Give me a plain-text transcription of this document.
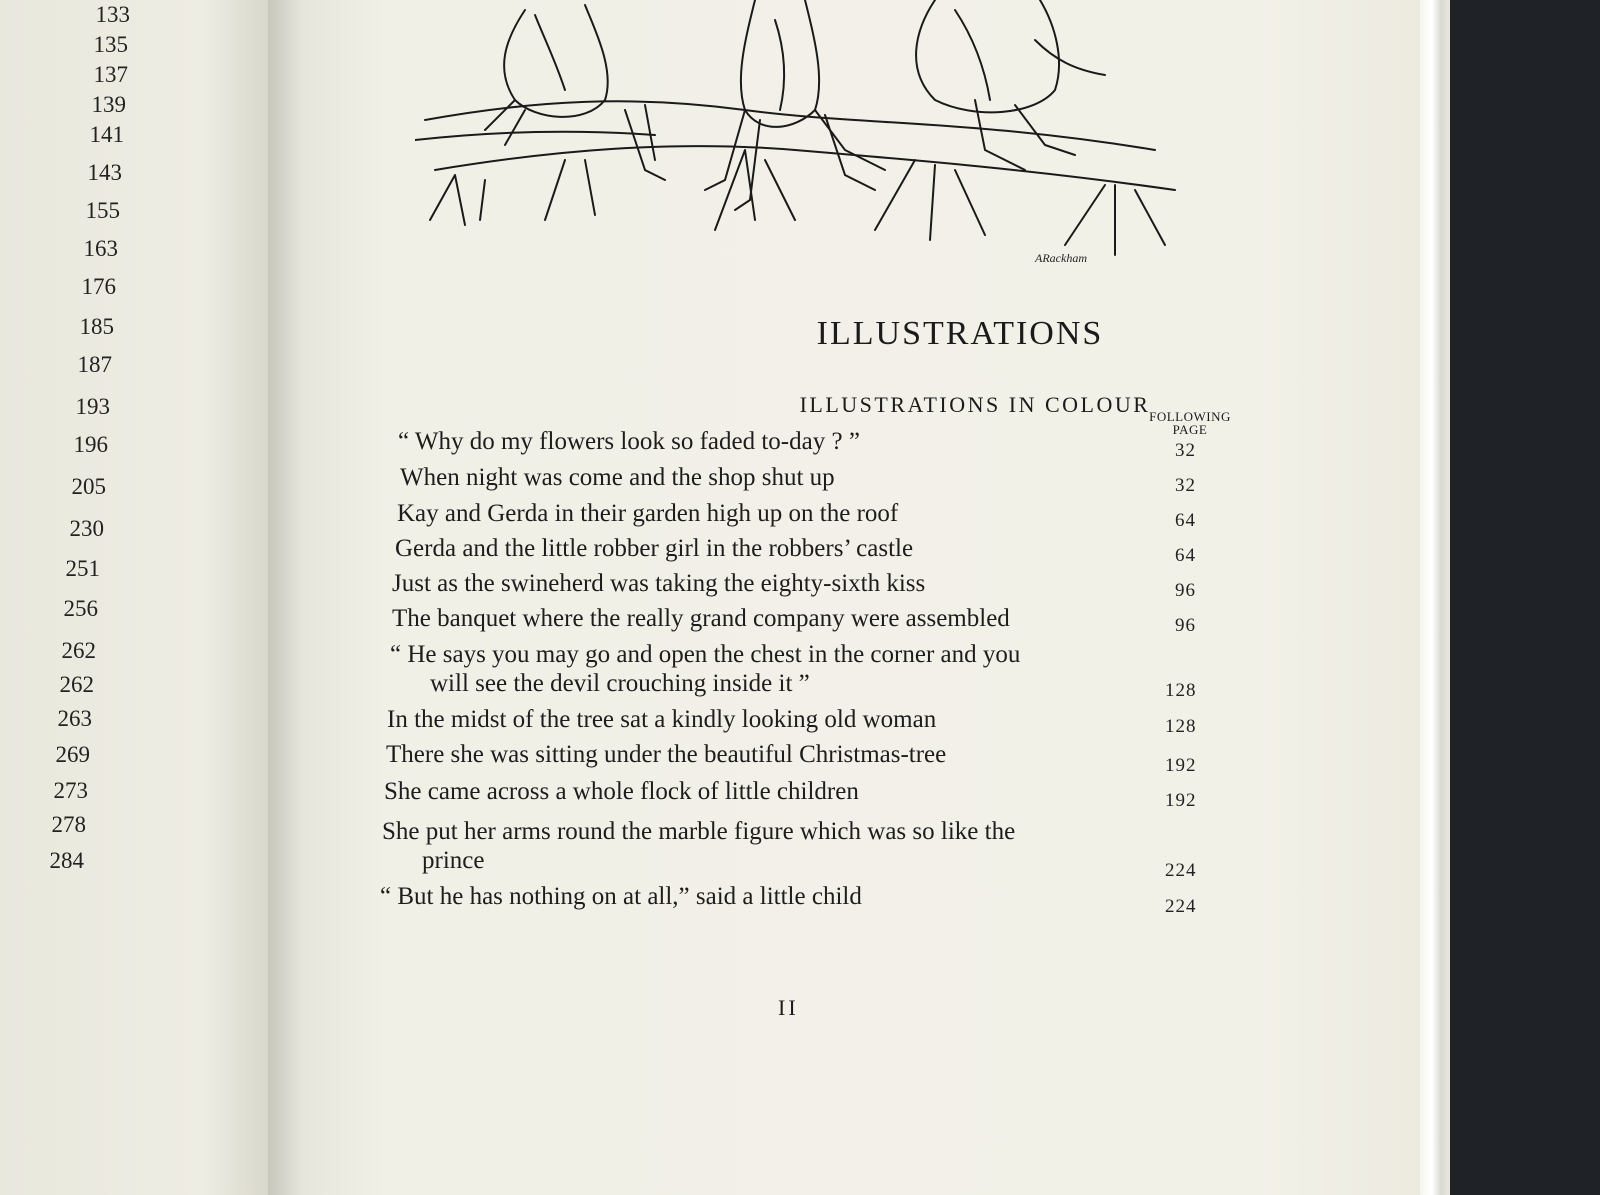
133
135
137
139
141
143
155
163
176
185
187
193
196
205
230
251
256
262
262
263
269
273
278
284
ARackham
ILLUSTRATIONS
ILLUSTRATIONS IN COLOUR
FOLLOWING
PAGE
“ Why do my flowers look so faded to-day ? ”	32
When night was come and the shop shut up	32
Kay and Gerda in their garden high up on the roof	64
Gerda and the little robber girl in the robbers’ castle	64
Just as the swineherd was taking the eighty-sixth kiss	96
The banquet where the really grand company were assembled	96
“ He says you may go and open the chest in the corner and you
will see the devil crouching inside it ”	128
In the midst of the tree sat a kindly looking old woman	128
There she was sitting under the beautiful Christmas-tree	192
She came across a whole flock of little children	192
She put her arms round the marble figure which was so like the
prince	224
“ But he has nothing on at all,” said a little child	224
II
